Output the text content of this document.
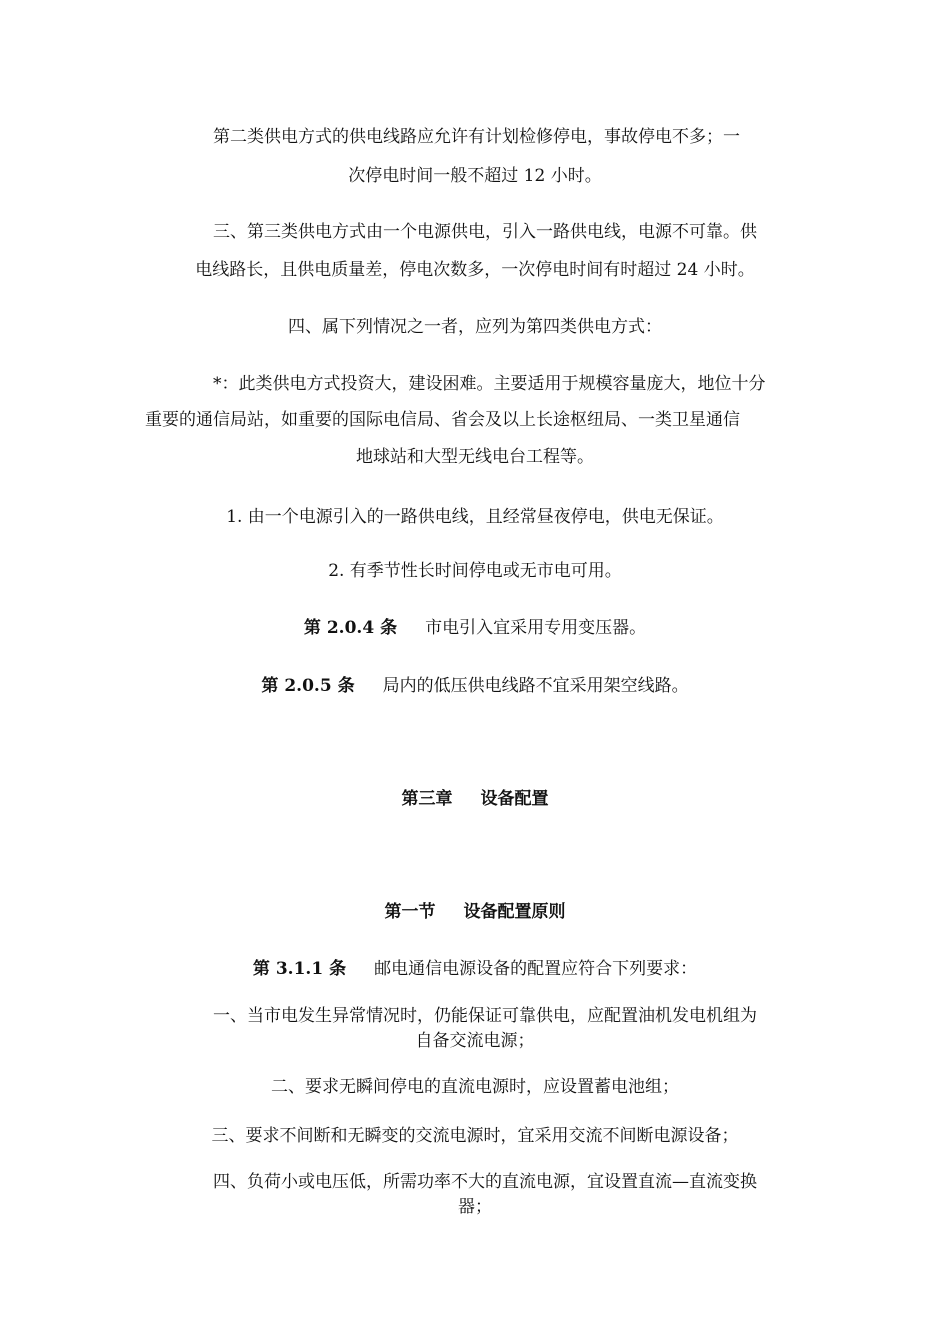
第二类供电方式的供电线路应允许有计划检修停电，事故停电不多；一
次停电时间一般不超过 12 小时。
三、第三类供电方式由一个电源供电，引入一路供电线，电源不可靠。供
电线路长，且供电质量差，停电次数多，一次停电时间有时超过 24 小时。
四、属下列情况之一者，应列为第四类供电方式：
*：此类供电方式投资大，建设困难。主要适用于规模容量庞大，地位十分
重要的通信局站，如重要的国际电信局、省会及以上长途枢纽局、一类卫星通信
地球站和大型无线电台工程等。
1. 由一个电源引入的一路供电线，且经常昼夜停电，供电无保证。
2. 有季节性长时间停电或无市电可用。
第 2.0.4 条 市电引入宜采用专用变压器。
第 2.0.5 条 局内的低压供电线路不宜采用架空线路。
第三章 设备配置
第一节 设备配置原则
第 3.1.1 条 邮电通信电源设备的配置应符合下列要求：
一、当市电发生异常情况时，仍能保证可靠供电，应配置油机发电机组为
自备交流电源；
二、要求无瞬间停电的直流电源时，应设置蓄电池组；
三、要求不间断和无瞬变的交流电源时，宜采用交流不间断电源设备；
四、负荷小或电压低，所需功率不大的直流电源，宜设置直流—直流变换
器；
